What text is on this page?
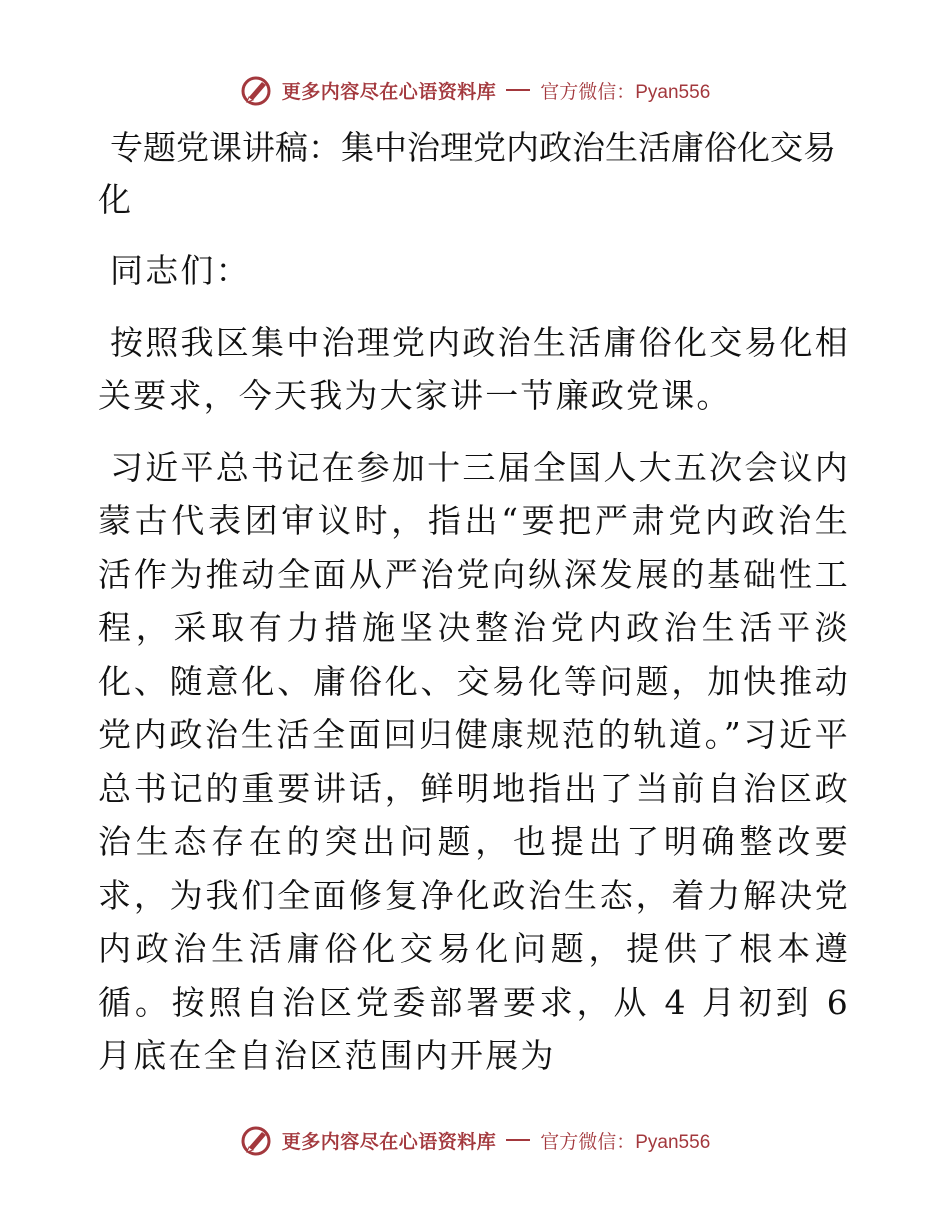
更多内容尽在心语资料库 官方微信：Pyan556
专题党课讲稿：集中治理党内政治生活庸俗化交易化

同志们：

按照我区集中治理党内政治生活庸俗化交易化相关要求，今天我为大家讲一节廉政党课。

习近平总书记在参加十三届全国人大五次会议内蒙古代表团审议时，指出“要把严肃党内政治生活作为推动全面从严治党向纵深发展的基础性工程，采取有力措施坚决整治党内政治生活平淡化、随意化、庸俗化、交易化等问题，加快推动党内政治生活全面回归健康规范的轨道。”习近平总书记的重要讲话，鲜明地指出了当前自治区政治生态存在的突出问题，也提出了明确整改要求，为我们全面修复净化政治生态，着力解决党内政治生活庸俗化交易化问题，提供了根本遵循。按照自治区党委部署要求，从 4 月初到 6 月底在全自治区范围内开展为

更多内容尽在心语资料库 官方微信：Pyan556
